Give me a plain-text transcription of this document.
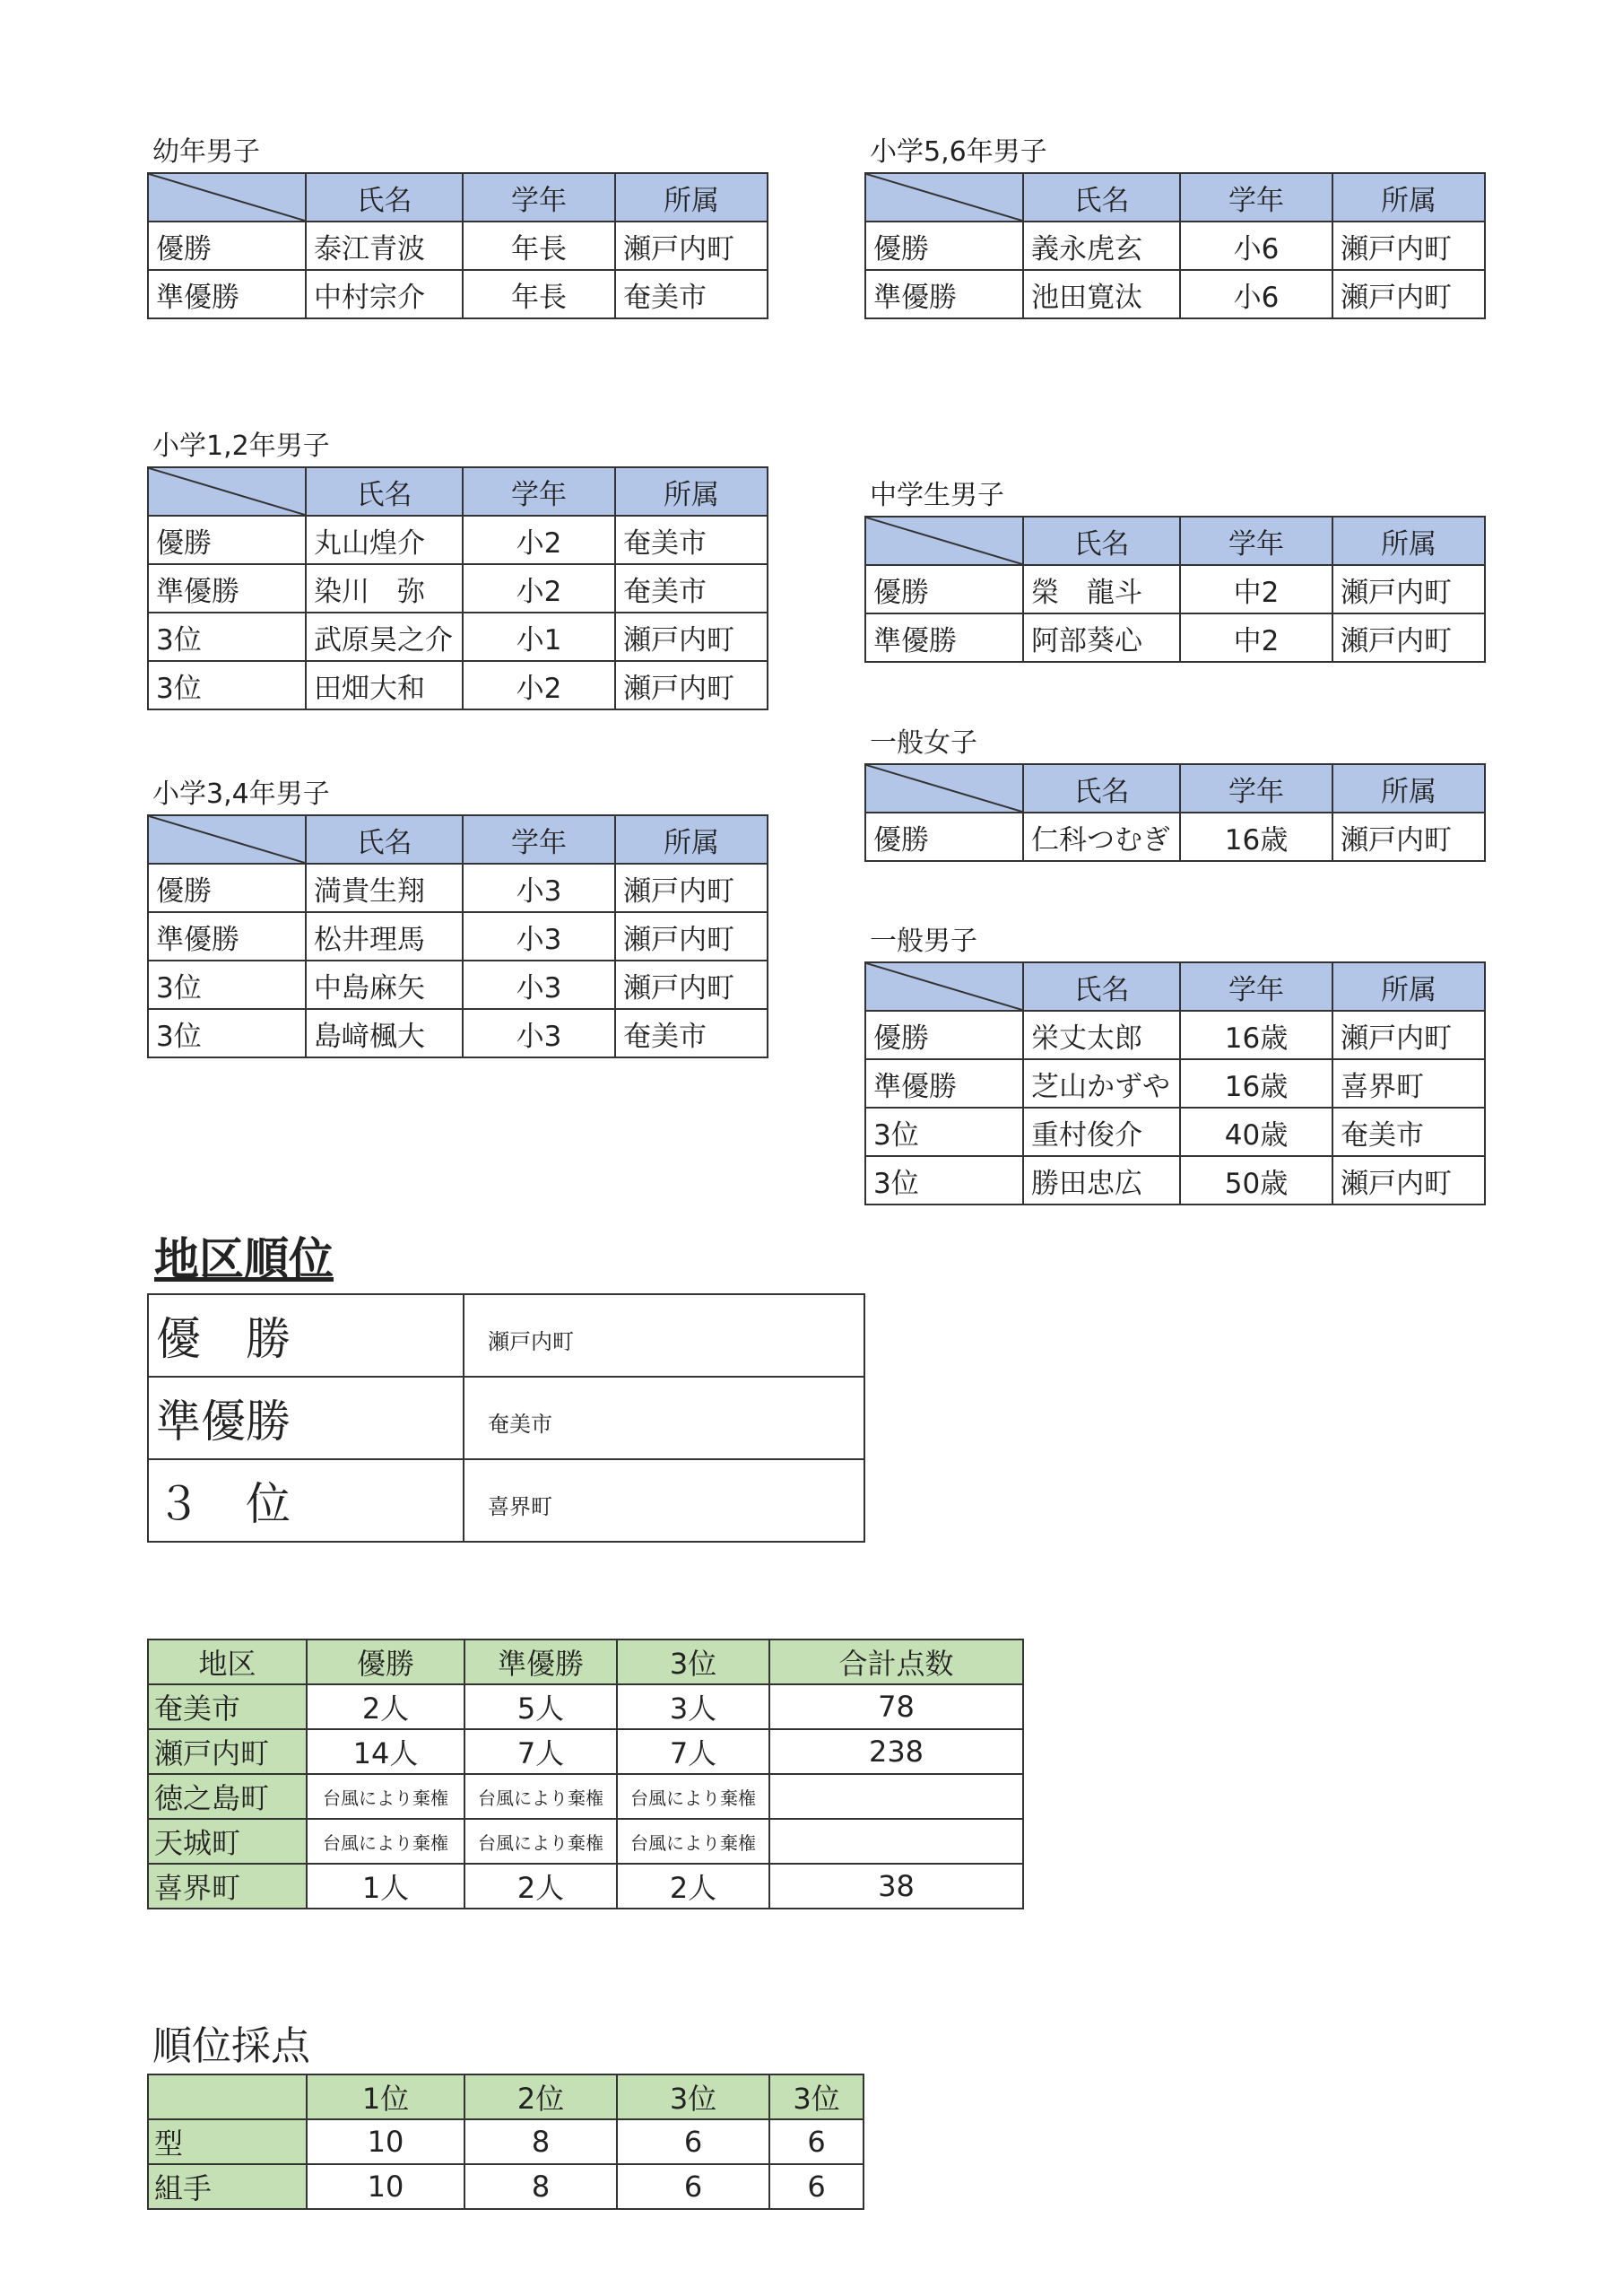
幼年男子
	氏名	学年	所属
優勝	泰江青波	年長	瀬戸内町
準優勝	中村宗介	年長	奄美市
小学5,6年男子
	氏名	学年	所属
優勝	義永虎玄	小6	瀬戸内町
準優勝	池田寛汰	小6	瀬戸内町
小学1,2年男子
	氏名	学年	所属
優勝	丸山煌介	小2	奄美市
準優勝	染川　弥	小2	奄美市
3位	武原昊之介	小1	瀬戸内町
3位	田畑大和	小2	瀬戸内町
中学生男子
	氏名	学年	所属
優勝	榮　龍斗	中2	瀬戸内町
準優勝	阿部葵心	中2	瀬戸内町
一般女子
	氏名	学年	所属
優勝	仁科つむぎ	16歳	瀬戸内町
小学3,4年男子
	氏名	学年	所属
優勝	満貴生翔	小3	瀬戸内町
準優勝	松井理馬	小3	瀬戸内町
3位	中島麻矢	小3	瀬戸内町
3位	島﨑楓大	小3	奄美市
一般男子
	氏名	学年	所属
優勝	栄丈太郎	16歳	瀬戸内町
準優勝	芝山かずや	16歳	喜界町
3位	重村俊介	40歳	奄美市
3位	勝田忠広	50歳	瀬戸内町
地区順位
優　勝	瀬戸内町
準優勝	奄美市
３　位	喜界町
地区	優勝	準優勝	3位	合計点数
奄美市	2人	5人	3人	78
瀬戸内町	14人	7人	7人	238
徳之島町	台風により棄権	台風により棄権	台風により棄権	
天城町	台風により棄権	台風により棄権	台風により棄権	
喜界町	1人	2人	2人	38
順位採点
	1位	2位	3位	3位
型	10	8	6	6
組手	10	8	6	6
